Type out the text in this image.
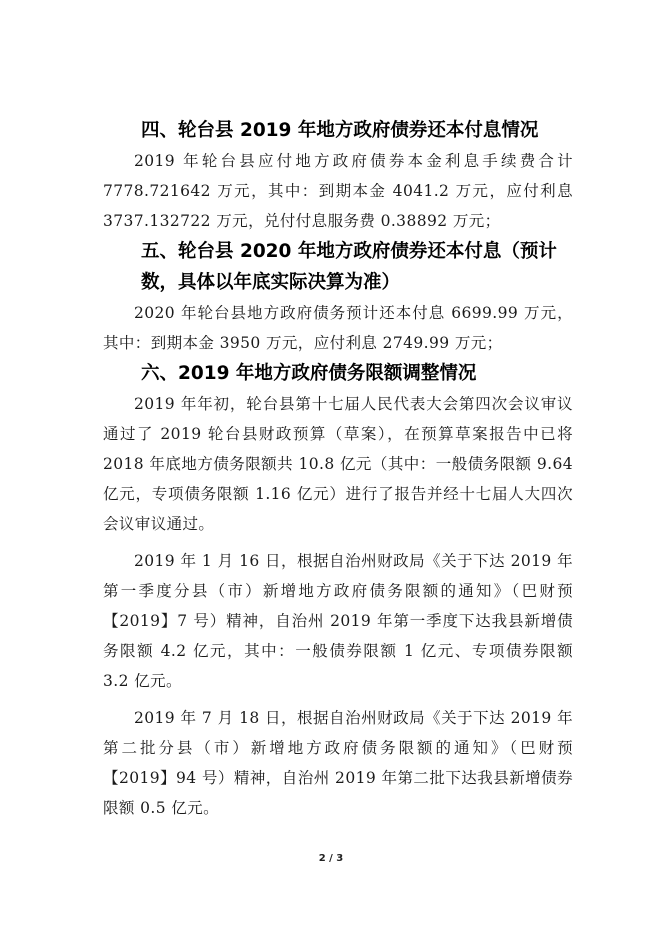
四、轮台县 2019 年地方政府债券还本付息情况

2019 年轮台县应付地方政府债券本金利息手续费合计 7778.721642 万元，其中：到期本金 4041.2 万元，应付利息 3737.132722 万元，兑付付息服务费 0.38892 万元；

五、轮台县 2020 年地方政府债券还本付息（预计数，具体以年底实际决算为准）

2020 年轮台县地方政府债务预计还本付息 6699.99 万元，其中：到期本金 3950 万元，应付利息 2749.99 万元；

六、2019 年地方政府债务限额调整情况

2019 年年初，轮台县第十七届人民代表大会第四次会议审议通过了 2019 轮台县财政预算（草案），在预算草案报告中已将 2018 年底地方债务限额共 10.8 亿元（其中：一般债务限额 9.64 亿元，专项债务限额 1.16 亿元）进行了报告并经十七届人大四次会议审议通过。

2019 年 1 月 16 日，根据自治州财政局《关于下达 2019 年第一季度分县（市）新增地方政府债务限额的通知》（巴财预【2019】7 号）精神，自治州 2019 年第一季度下达我县新增债务限额 4.2 亿元，其中：一般债券限额 1 亿元、专项债券限额 3.2 亿元。

2019 年 7 月 18 日，根据自治州财政局《关于下达 2019 年第二批分县（市）新增地方政府债务限额的通知》（巴财预【2019】94 号）精神，自治州 2019 年第二批下达我县新增债券限额 0.5 亿元。

2 / 3
